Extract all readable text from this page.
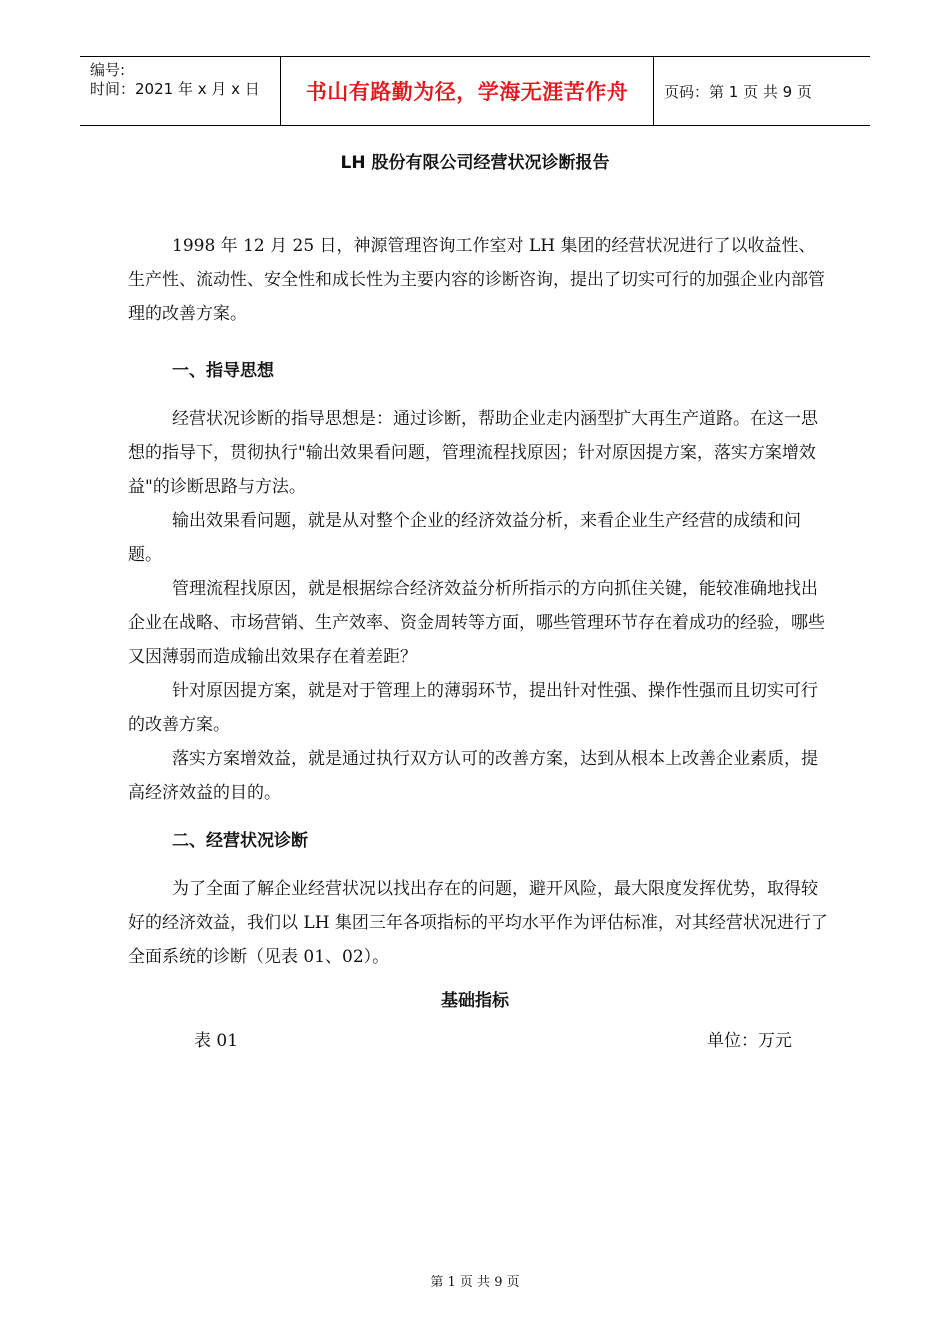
编号:
时间：2021 年 x 月 x 日	书山有路勤为径，学海无涯苦作舟	页码：第 1 页 共 9 页
LH 股份有限公司经营状况诊断报告

1998 年 12 月 25 日，神源管理咨询工作室对 LH 集团的经营状况进行了以收益性、生产性、流动性、安全性和成长性为主要内容的诊断咨询，提出了切实可行的加强企业内部管理的改善方案。

一、指导思想

经营状况诊断的指导思想是：通过诊断，帮助企业走内涵型扩大再生产道路。在这一思想的指导下，贯彻执行"输出效果看问题，管理流程找原因；针对原因提方案，落实方案增效益"的诊断思路与方法。

输出效果看问题，就是从对整个企业的经济效益分析，来看企业生产经营的成绩和问题。

管理流程找原因，就是根据综合经济效益分析所指示的方向抓住关键，能较准确地找出企业在战略、市场营销、生产效率、资金周转等方面，哪些管理环节存在着成功的经验，哪些又因薄弱而造成输出效果存在着差距？

针对原因提方案，就是对于管理上的薄弱环节，提出针对性强、操作性强而且切实可行的改善方案。

落实方案增效益，就是通过执行双方认可的改善方案，达到从根本上改善企业素质，提高经济效益的目的。

二、经营状况诊断

为了全面了解企业经营状况以找出存在的问题，避开风险，最大限度发挥优势，取得较好的经济效益，我们以 LH 集团三年各项指标的平均水平作为评估标准，对其经营状况进行了全面系统的诊断（见表 01、02）。

基础指标
表 01	单位：万元
第 1 页 共 9 页
